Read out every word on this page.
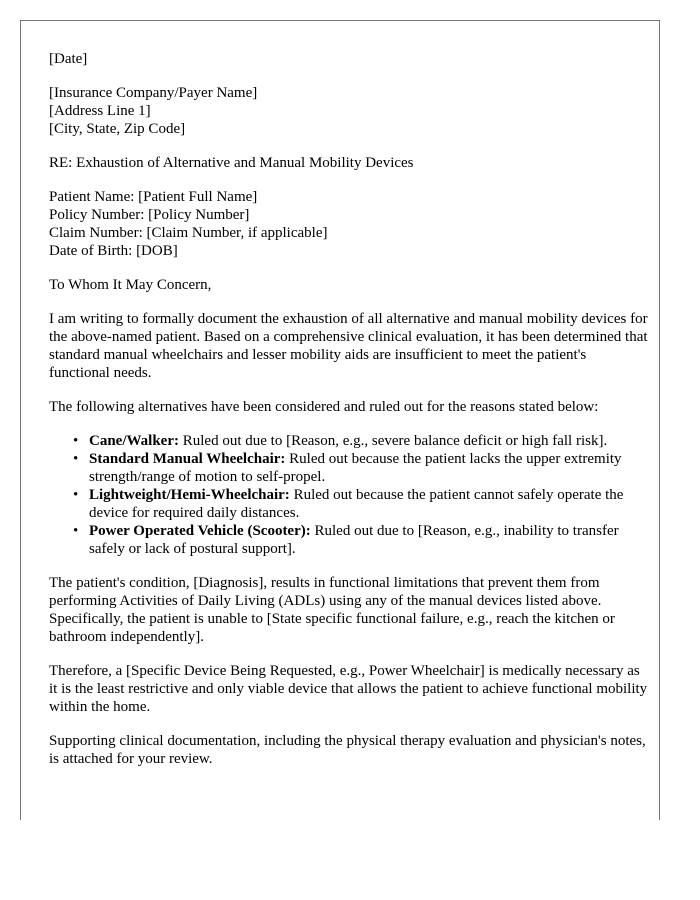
[Date]

[Insurance Company/Payer Name]
[Address Line 1]
[City, State, Zip Code]

RE: Exhaustion of Alternative and Manual Mobility Devices

Patient Name: [Patient Full Name]
Policy Number: [Policy Number]
Claim Number: [Claim Number, if applicable]
Date of Birth: [DOB]

To Whom It May Concern,

I am writing to formally document the exhaustion of all alternative and manual mobility devices for the above-named patient. Based on a comprehensive clinical evaluation, it has been determined that standard manual wheelchairs and lesser mobility aids are insufficient to meet the patient's functional needs.

The following alternatives have been considered and ruled out for the reasons stated below:

• Cane/Walker: Ruled out due to [Reason, e.g., severe balance deficit or high fall risk].
• Standard Manual Wheelchair: Ruled out because the patient lacks the upper extremity strength/range of motion to self-propel.
• Lightweight/Hemi-Wheelchair: Ruled out because the patient cannot safely operate the device for required daily distances.
• Power Operated Vehicle (Scooter): Ruled out due to [Reason, e.g., inability to transfer safely or lack of postural support].

The patient's condition, [Diagnosis], results in functional limitations that prevent them from performing Activities of Daily Living (ADLs) using any of the manual devices listed above. Specifically, the patient is unable to [State specific functional failure, e.g., reach the kitchen or bathroom independently].

Therefore, a [Specific Device Being Requested, e.g., Power Wheelchair] is medically necessary as it is the least restrictive and only viable device that allows the patient to achieve functional mobility within the home.

Supporting clinical documentation, including the physical therapy evaluation and physician's notes, is attached for your review.
